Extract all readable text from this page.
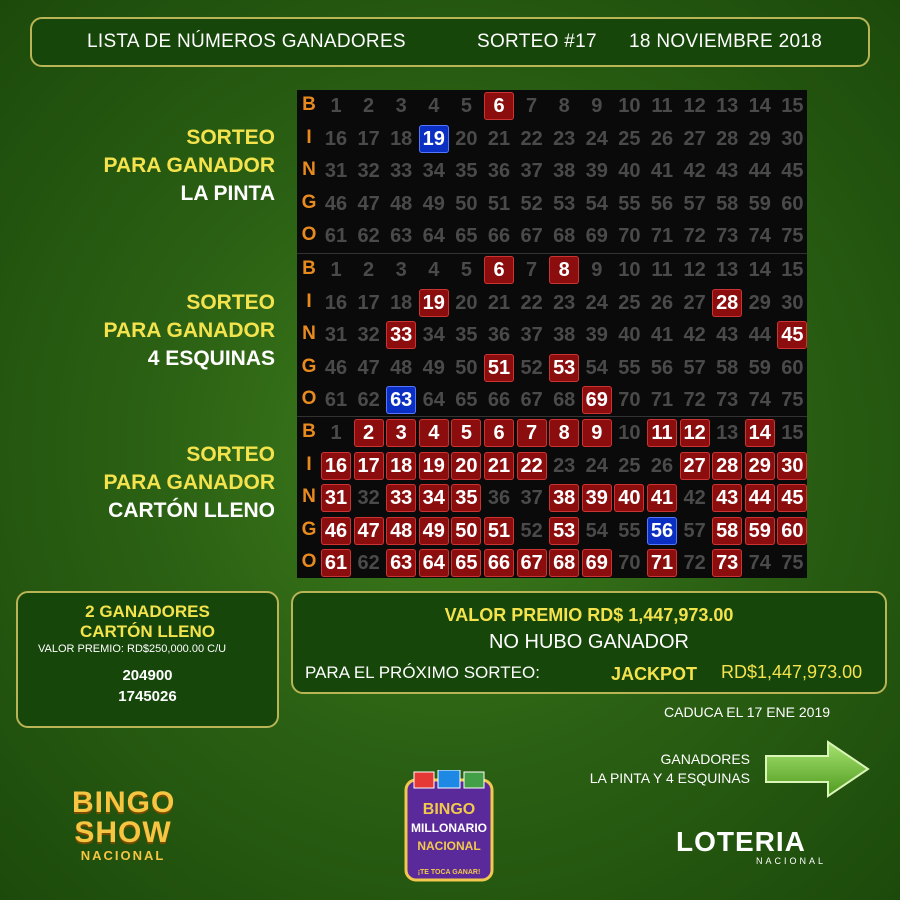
LISTA DE NÚMEROS GANADORES	SORTEO #17 18 NOVIEMBRE 2018
SORTEO
PARA GANADOR
LA PINTA
SORTEO
PARA GANADOR
4 ESQUINAS
SORTEO
PARA GANADOR
CARTÓN LLENO
B 1	2	3	4	5	6	7	8	9 10 11 12 13 14 15
I 16 17 18 19 20 21 22 23 24 25 26 27 28 29 30
N 31 32 33 34 35 36 37 38 39 40 41 42 43 44 45
G 46 47 48 49 50 51 52 53 54 55 56 57 58 59 60
O 61 62 63 64 65 66 67 68 69 70 71 72 73 74 75
B 1	2	3	4	5	6	7	8	9 10 11 12 13 14 15
I 16 17 18 19 20 21 22 23 24 25 26 27 28 29 30
N 31 32 33 34 35 36 37 38 39 40 41 42 43 44 45
G 46 47 48 49 50 51 52 53 54 55 56 57 58 59 60
O 61 62 63 64 65 66 67 68 69 70 71 72 73 74 75
B 1	2	3	4	5	6	7	8	9 10 11 12 13 14 15
I 16 17 18 19 20 21 22 23 24 25 26 27 28 29 30
N 31 32 33 34 35 36 37 38 39 40 41 42 43 44 45
G 46 47 48 49 50 51 52 53 54 55 56 57 58 59 60
O 61 62 63 64 65 66 67 68 69 70 71 72 73 74 75
2 GANADORES
CARTÓN LLENO
VALOR PREMIO: RD$250,000.00 C/U
204900
1745026
VALOR PREMIO RD$ 1,447,973.00
NO HUBO GANADOR
PARA EL PRÓXIMO SORTEO:	JACKPOT RD$1,447,973.00
CADUCA EL 17 ENE 2019
GANADORES
LA PINTA Y 4 ESQUINAS
BINGO
SHOW
NACIONAL
BINGO
MILLONARIO
NACIONAL
¡TE TOCA GANAR!
LOTERIA
NACIONAL
